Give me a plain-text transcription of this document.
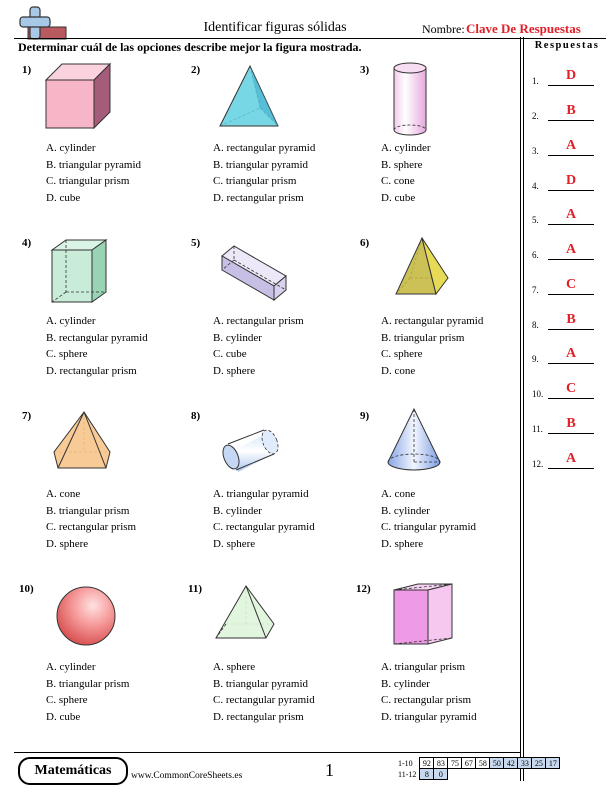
Identificar figuras sólidas	Nombre: Clave De Respuestas
Determinar cuál de las opciones describe mejor la figura mostrada.	Respuestas
1.	D
2.	B
3.	A
4.	D
5.	A
6.	A
7.	C
8.	B
9.	A
10.	C
11.	B
12.	A
1)
A. cylinder
B. triangular pyramid
C. triangular prism
D. cube
2)
A. rectangular pyramid
B. triangular pyramid
C. triangular prism
D. rectangular prism
3)
A. cylinder
B. sphere
C. cone
D. cube
4)
A. cylinder
B. rectangular pyramid
C. sphere
D. rectangular prism
5)
A. rectangular prism
B. cylinder
C. cube
D. sphere
6)
A. rectangular pyramid
B. triangular prism
C. sphere
D. cone
7)
A. cone
B. triangular prism
C. rectangular prism
D. sphere
8)
A. triangular pyramid
B. cylinder
C. rectangular pyramid
D. sphere
9)
A. cone
B. cylinder
C. triangular pyramid
D. sphere
10)
A. cylinder
B. triangular prism
C. sphere
D. cube
11)
A. sphere
B. triangular pyramid
C. rectangular pyramid
D. rectangular prism
12)
A. triangular prism
B. cylinder
C. rectangular prism
D. triangular pyramid
Matemáticas	www.CommonCoreSheets.es	1	1-10	92	83	75	67	58	50	42	33	25	17
11-12	8	0								
